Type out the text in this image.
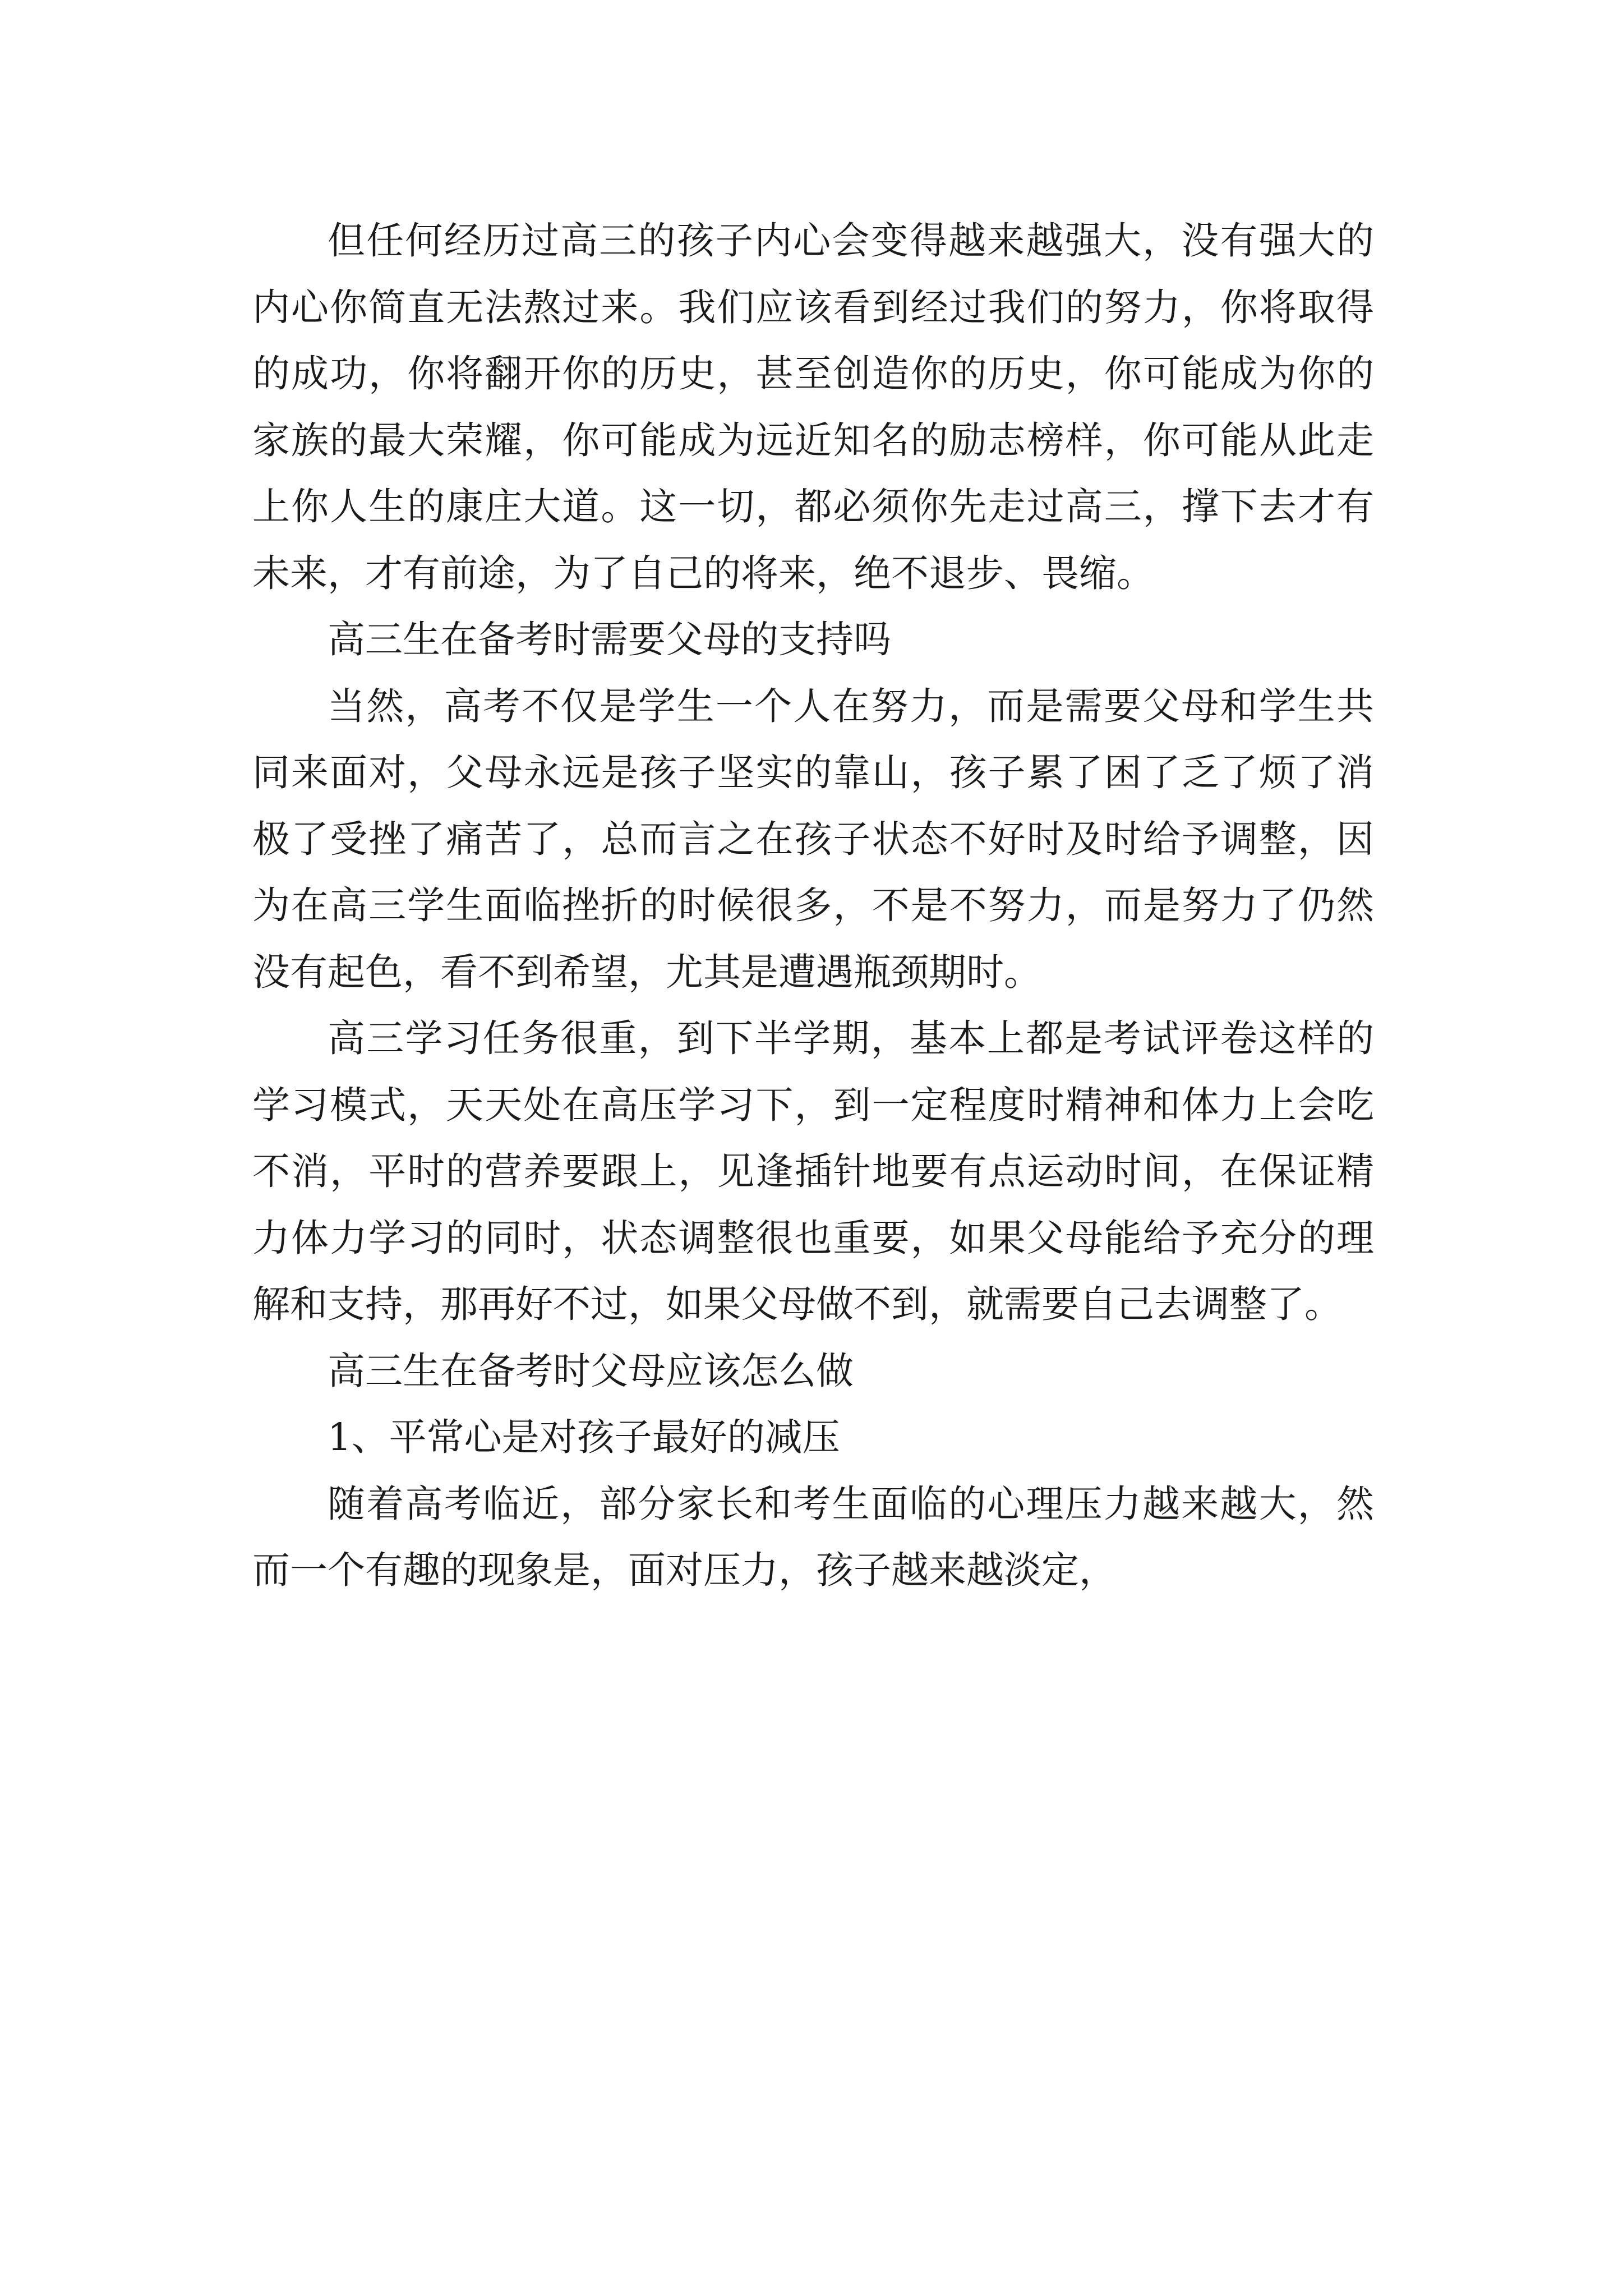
但任何经历过高三的孩子内心会变得越来越强大，没有强大的内心你简直无法熬过来。我们应该看到经过我们的努力，你将取得的成功，你将翻开你的历史，甚至创造你的历史，你可能成为你的家族的最大荣耀，你可能成为远近知名的励志榜样，你可能从此走上你人生的康庄大道。这一切，都必须你先走过高三，撑下去才有未来，才有前途，为了自己的将来，绝不退步、畏缩。

高三生在备考时需要父母的支持吗

当然，高考不仅是学生一个人在努力，而是需要父母和学生共同来面对，父母永远是孩子坚实的靠山，孩子累了困了乏了烦了消极了受挫了痛苦了，总而言之在孩子状态不好时及时给予调整，因为在高三学生面临挫折的时候很多，不是不努力，而是努力了仍然没有起色，看不到希望，尤其是遭遇瓶颈期时。

高三学习任务很重，到下半学期，基本上都是考试评卷这样的学习模式，天天处在高压学习下，到一定程度时精神和体力上会吃不消，平时的营养要跟上，见逢插针地要有点运动时间，在保证精力体力学习的同时，状态调整很也重要，如果父母能给予充分的理解和支持，那再好不过，如果父母做不到，就需要自己去调整了。

高三生在备考时父母应该怎么做

1、平常心是对孩子最好的减压

随着高考临近，部分家长和考生面临的心理压力越来越大，然而一个有趣的现象是，面对压力，孩子越来越淡定，
